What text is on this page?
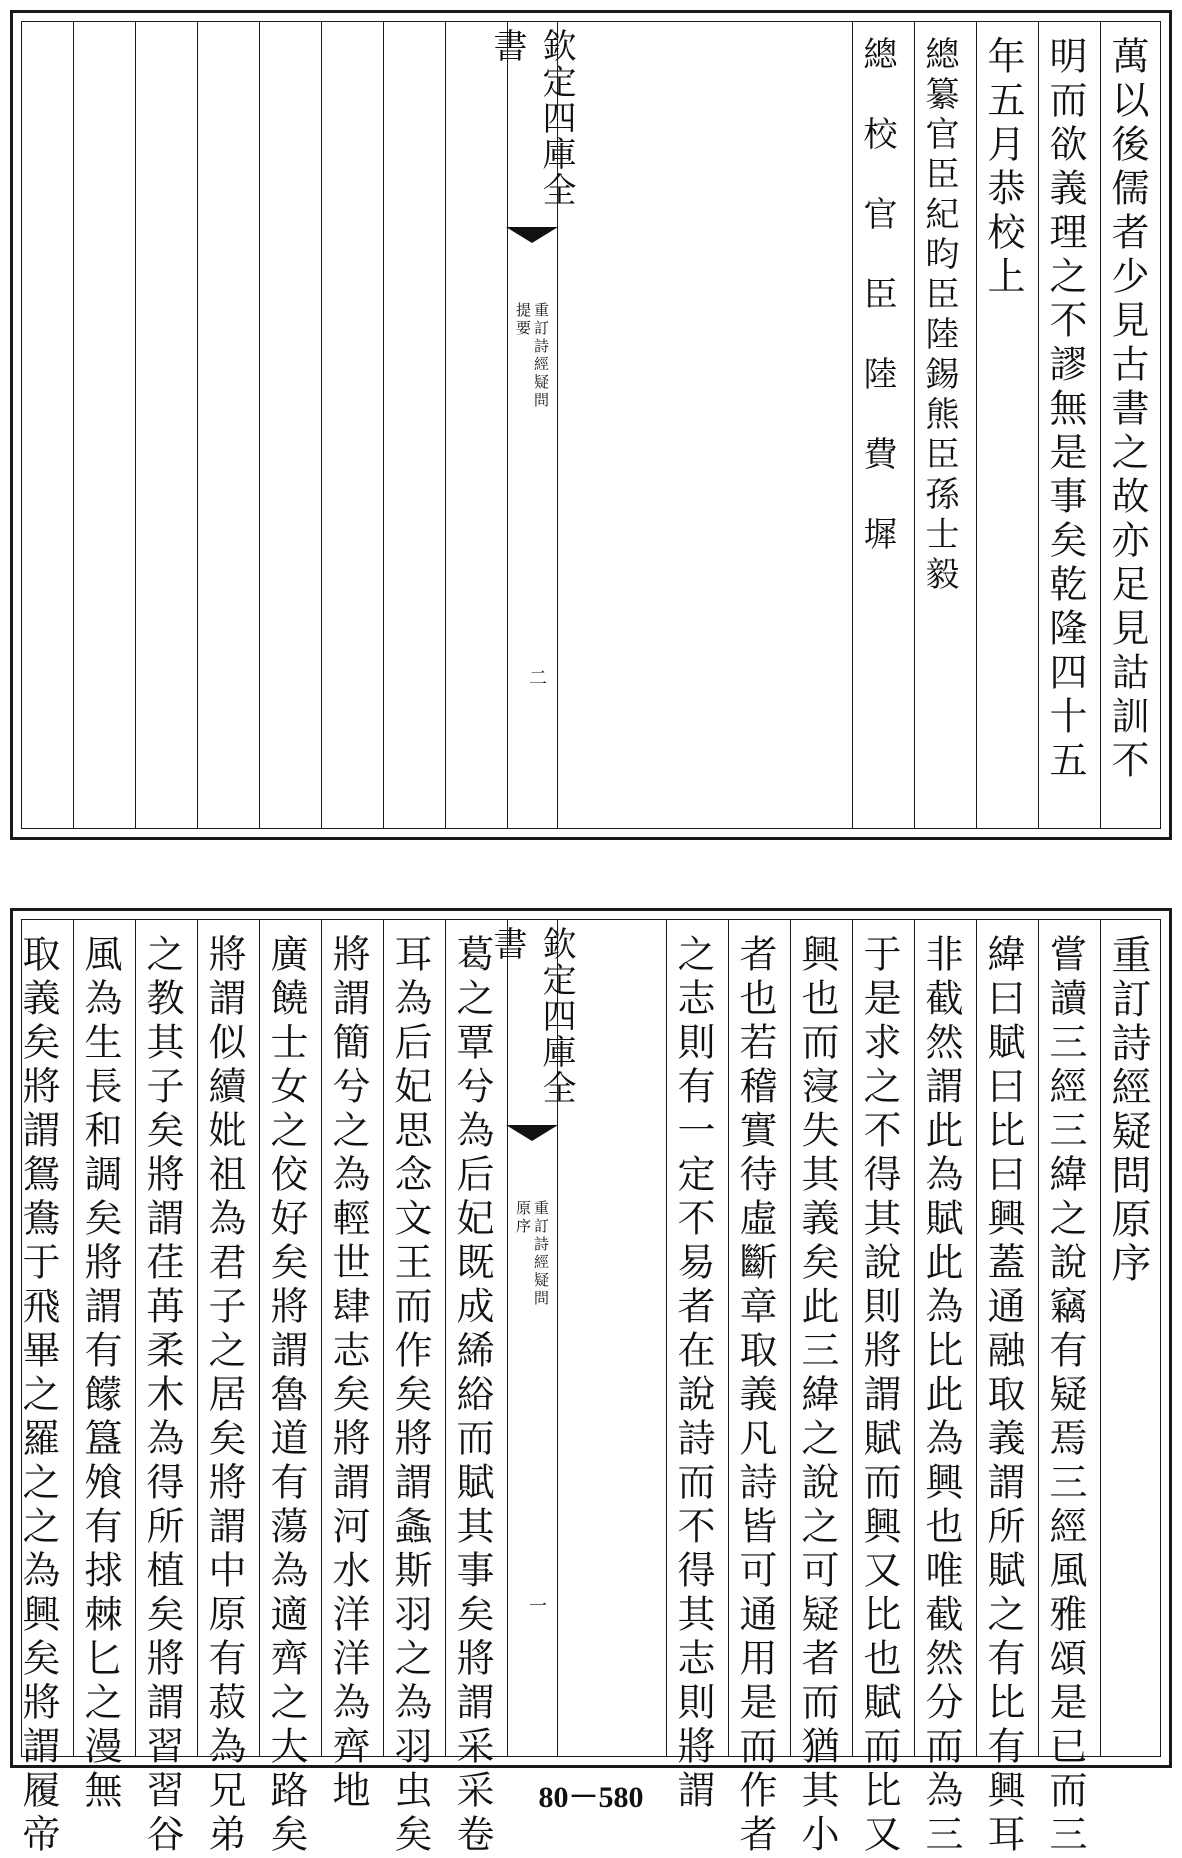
萬以後儒者少見古書之故亦足見詁訓不
明而欲義理之不謬無是事矣乾隆四十五
年五月恭校上
總纂官臣紀昀臣陸錫熊臣孫士毅
總　校　官　臣　陸　費　墀
欽定四庫全書
重訂詩經疑問
提要
二
重訂詩經疑問原序
嘗讀三經三緯之說竊有疑焉三經風雅頌是已而三
緯曰賦曰比曰興蓋通融取義謂所賦之有比有興耳
非截然謂此為賦此為比此為興也唯截然分而為三
于是求之不得其說則將謂賦而興又比也賦而比又
興也而寖失其義矣此三緯之說之可疑者而猶其小
者也若稽實待虛斷章取義凡詩皆可通用是而作者
之志則有一定不易者在說詩而不得其志則將謂
欽定四庫全書
重訂詩經疑問
原序
一
葛之覃兮為后妃既成絺綌而賦其事矣將謂采采卷
耳為后妃思念文王而作矣將謂螽斯羽之為羽虫矣
將謂簡兮之為輕世肆志矣將謂河水洋洋為齊地
廣饒士女之佼好矣將謂魯道有蕩為適齊之大路矣
將謂似續妣祖為君子之居矣將謂中原有菽為兄弟
之教其子矣將謂荏苒柔木為得所植矣將謂習習谷
風為生長和調矣將謂有饛簋飧有捄棘匕之漫無
取義矣將謂鴛鴦于飛畢之羅之之為興矣將謂履帝	80－580
